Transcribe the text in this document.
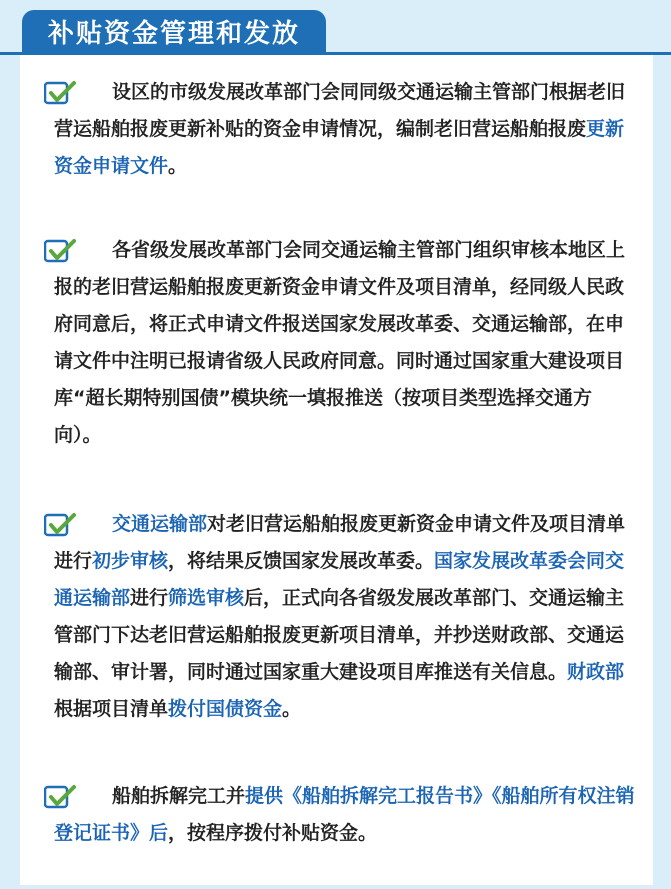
补贴资金管理和发放
设区的市级发展改革部门会同同级交通运输主管部门根据老旧营运船舶报废更新补贴的资金申请情况，编制老旧营运船舶报废更新资金申请文件。
各省级发展改革部门会同交通运输主管部门组织审核本地区上报的老旧营运船舶报废更新资金申请文件及项目清单，经同级人民政府同意后，将正式申请文件报送国家发展改革委、交通运输部，在申请文件中注明已报请省级人民政府同意。同时通过国家重大建设项目库“超长期特别国债”模块统一填报推送（按项目类型选择交通方向）。
交通运输部对老旧营运船舶报废更新资金申请文件及项目清单进行初步审核，将结果反馈国家发展改革委。国家发展改革委会同交通运输部进行筛选审核后，正式向各省级发展改革部门、交通运输主管部门下达老旧营运船舶报废更新项目清单，并抄送财政部、交通运输部、审计署，同时通过国家重大建设项目库推送有关信息。财政部根据项目清单拨付国债资金。
船舶拆解完工并提供《船舶拆解完工报告书》《船舶所有权注销登记证书》后，按程序拨付补贴资金。
